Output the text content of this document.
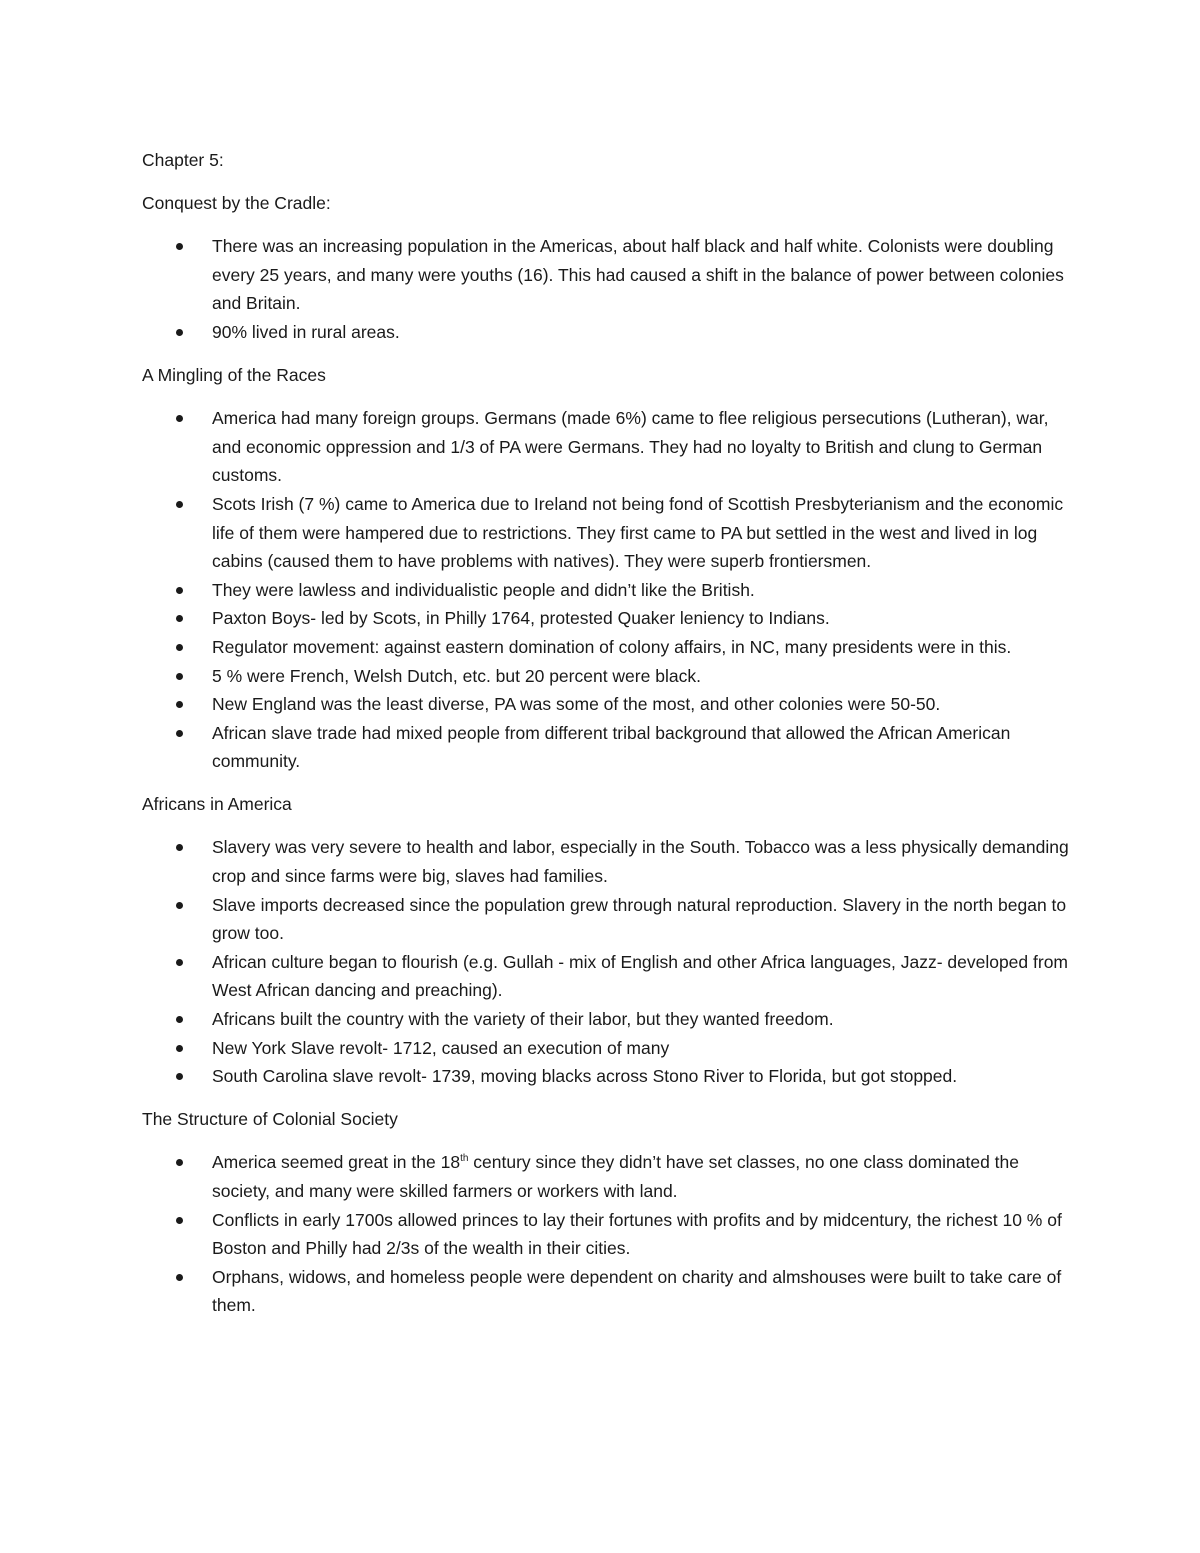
Chapter 5:

Conquest by the Cradle:

There was an increasing population in the Americas, about half black and half white. Colonists were doubling every 25 years, and many were youths (16). This had caused a shift in the balance of power between colonies and Britain.
90% lived in rural areas.

A Mingling of the Races

America had many foreign groups. Germans (made 6%) came to flee religious persecutions (Lutheran), war, and economic oppression and 1/3 of PA were Germans. They had no loyalty to British and clung to German customs.
Scots Irish (7 %) came to America due to Ireland not being fond of Scottish Presbyterianism and the economic life of them were hampered due to restrictions. They first came to PA but settled in the west and lived in log cabins (caused them to have problems with natives). They were superb frontiersmen.
They were lawless and individualistic people and didn’t like the British.
Paxton Boys- led by Scots, in Philly 1764, protested Quaker leniency to Indians.
Regulator movement: against eastern domination of colony affairs, in NC, many presidents were in this.
5 % were French, Welsh Dutch, etc. but 20 percent were black.
New England was the least diverse, PA was some of the most, and other colonies were 50-50.
African slave trade had mixed people from different tribal background that allowed the African American community.

Africans in America

Slavery was very severe to health and labor, especially in the South. Tobacco was a less physically demanding crop and since farms were big, slaves had families.
Slave imports decreased since the population grew through natural reproduction. Slavery in the north began to grow too.
African culture began to flourish (e.g. Gullah - mix of English and other Africa languages, Jazz- developed from West African dancing and preaching).
Africans built the country with the variety of their labor, but they wanted freedom.
New York Slave revolt- 1712, caused an execution of many
South Carolina slave revolt- 1739, moving blacks across Stono River to Florida, but got stopped.

The Structure of Colonial Society

America seemed great in the 18th century since they didn’t have set classes, no one class dominated the society, and many were skilled farmers or workers with land.
Conflicts in early 1700s allowed princes to lay their fortunes with profits and by midcentury, the richest 10 % of Boston and Philly had 2/3s of the wealth in their cities.
Orphans, widows, and homeless people were dependent on charity and almshouses were built to take care of them.
